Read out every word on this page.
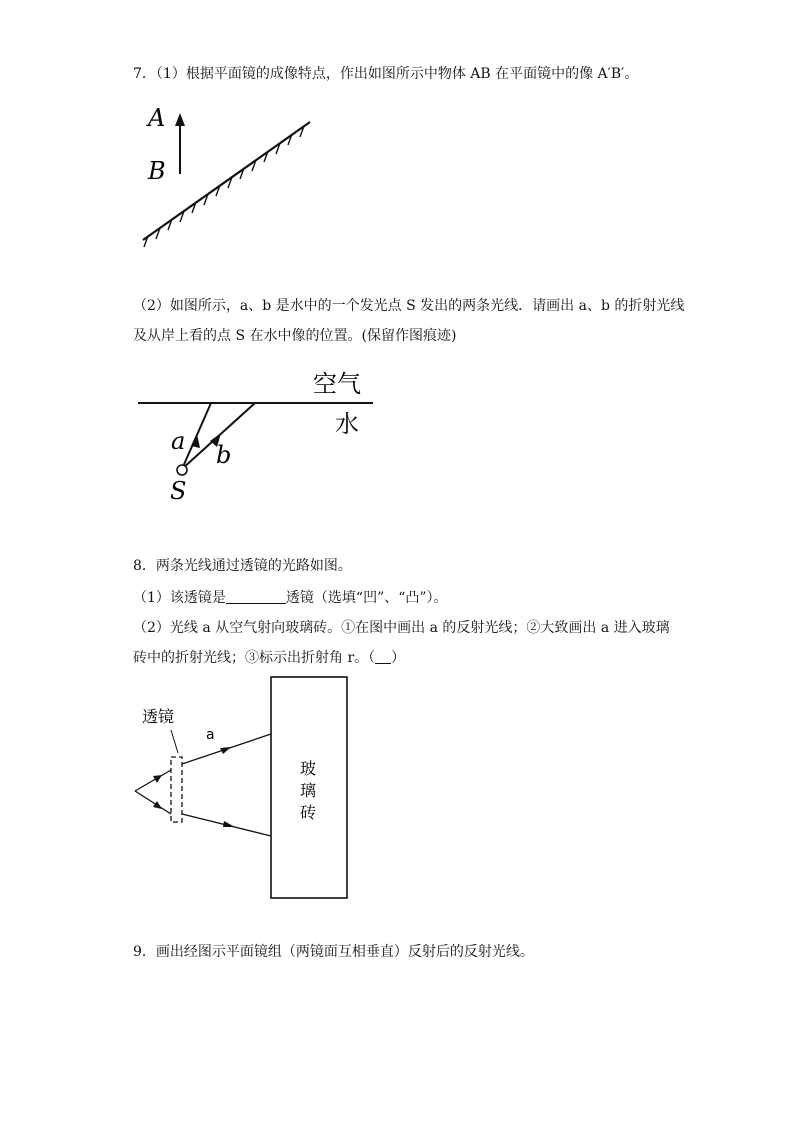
7．（1）根据平面镜的成像特点，作出如图所示中物体 AB 在平面镜中的像 A′B′。
A
B
（2）如图所示，a、b 是水中的一个发光点 S 发出的两条光线．请画出 a、b 的折射光线
及从岸上看的点 S 在水中像的位置。(保留作图痕迹)
空气
水
a b
S
8．两条光线通过透镜的光路如图。
（1）该透镜是	透镜（选填“凹”、“凸”）。
（2）光线 a 从空气射向玻璃砖。①在图中画出 a 的反射光线；②大致画出 a 进入玻璃
砖中的折射光线；③标示出折射角 r。（ ）
玻
璃
砖
透镜
a
9．画出经图示平面镜组（两镜面互相垂直）反射后的反射光线。
